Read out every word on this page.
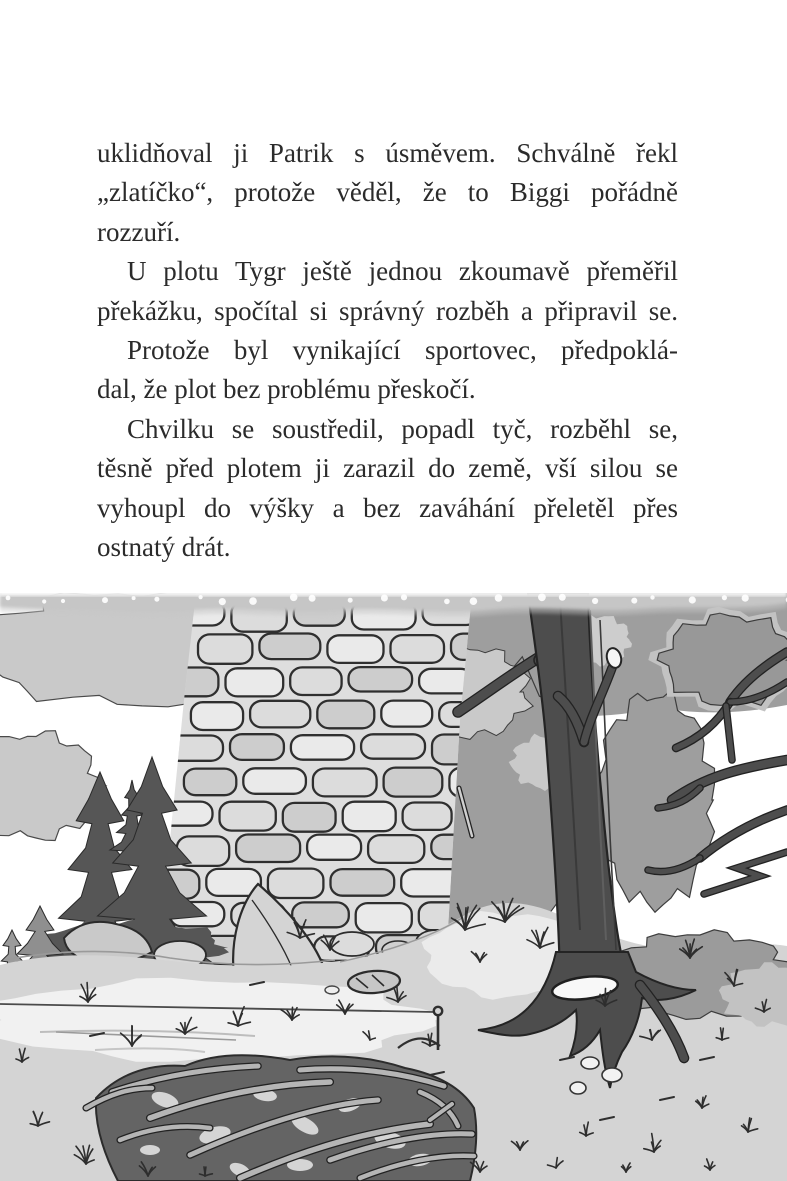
uklidňoval ji Patrik s úsměvem. Schválně řekl
„zlatíčko“, protože věděl, že to Biggi pořádně
rozzuří.
U plotu Tygr ještě jednou zkoumavě přeměřil
překážku, spočítal si správný rozběh a připravil se.
Protože byl vynikající sportovec, předpoklá-
dal, že plot bez problému přeskočí.
Chvilku se soustředil, popadl tyč, rozběhl se,
těsně před plotem ji zarazil do země, vší silou se
vyhoupl do výšky a bez zaváhání přeletěl přes
ostnatý drát.
